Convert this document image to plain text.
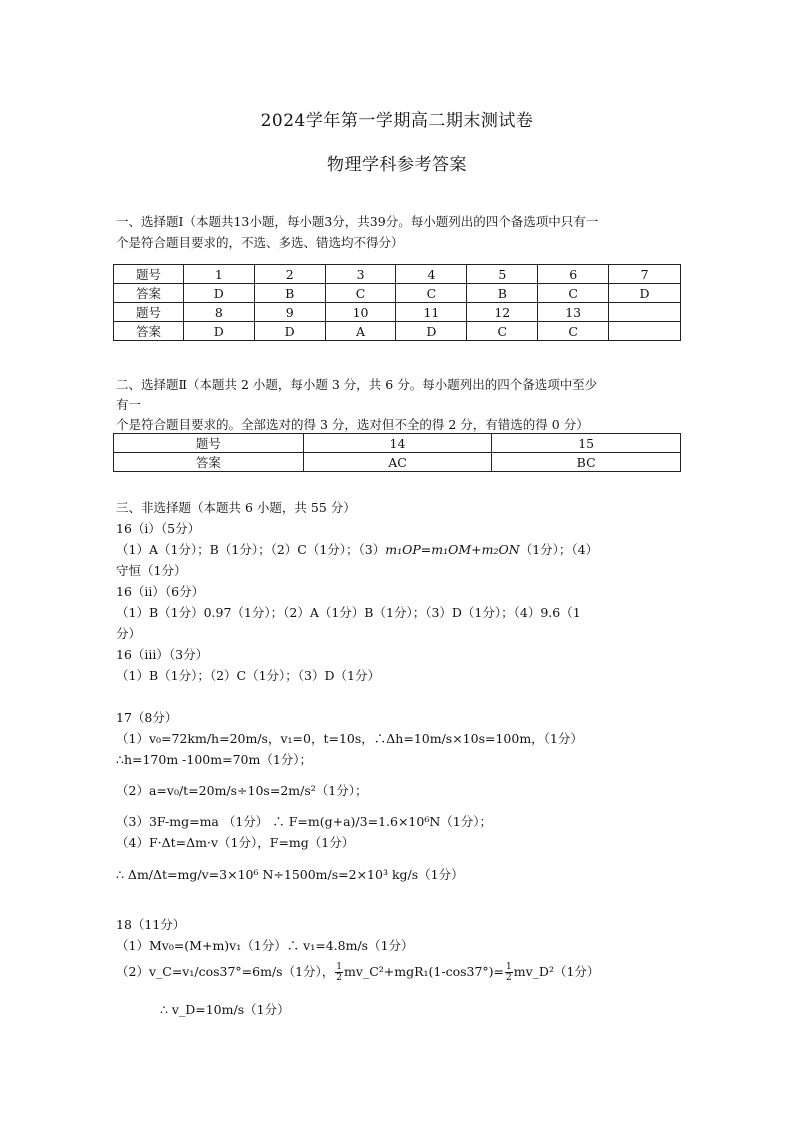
2024学年第一学期高二期末测试卷
物理学科参考答案
一、选择题Ⅰ（本题共13小题，每小题3分，共39分。每小题列出的四个备选项中只有一
个是符合题目要求的，不选、多选、错选均不得分）
题号	1	2	3	4	5	6	7
答案	D	B	C	C	B	C	D
题号	8	9	10	11	12	13	
答案	D	D	A	D	C	C	
二、选择题Ⅱ（本题共 2 小题，每小题 3 分，共 6 分。每小题列出的四个备选项中至少
有一
个是符合题目要求的。全部选对的得 3 分，选对但不全的得 2 分，有错选的得 0 分）
题号	14	15
答案	AC	BC
三、非选择题（本题共 6 小题，共 55 分）
16（i）（5分）
（1）A（1分）；B（1分）；（2）C（1分）；（3）m₁OP=m₁OM+m₂ON（1分）；（4）
守恒（1分）
16（ii）（6分）
（1）B（1分）0.97（1分）；（2）A（1分）B（1分）；（3）D（1分）；（4）9.6（1
分）
16（iii）（3分）
（1）B（1分）；（2）C（1分）；（3）D（1分）
17（8分）
（1）v₀=72km/h=20m/s，v₁=0，t=10s，∴Δh=10m/s×10s=100m，（1分）
∴h=170m -100m=70m（1分）；
（2）a=v₀/t=20m/s÷10s=2m/s²（1分）；
（3）3F-mg=ma （1分） ∴ F=m(g+a)/3=1.6×10⁶N（1分）；
（4）F·Δt=Δm·v（1分），F=mg（1分）
∴ Δm/Δt=mg/v=3×10⁶ N÷1500m/s=2×10³ kg/s（1分）
18（11分）
（1）Mv₀=(M+m)v₁（1分）∴ v₁=4.8m/s（1分）
（2）v_C=v₁/cos37°=6m/s（1分）， $\frac{1}{2}$ mv_C²+mgR₁(1-cos37°)= $\frac{1}{2}$ mv_D²（1分）
∴ v_D=10m/s（1分）
